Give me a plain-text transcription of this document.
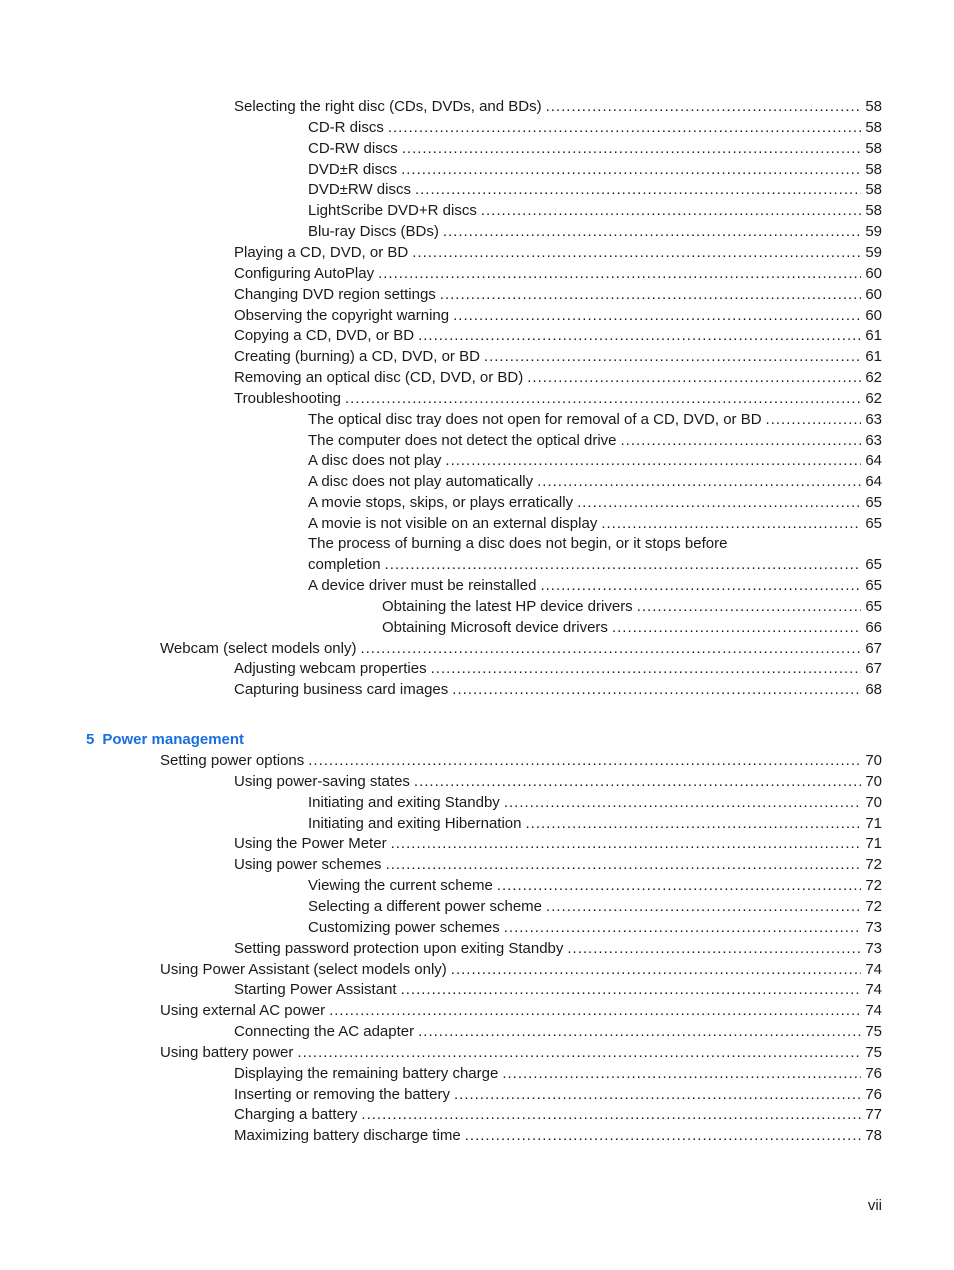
Selecting the right disc (CDs, DVDs, and BDs) .....	58
CD-R discs .....	58
CD-RW discs .....	58
DVD±R discs .....	58
DVD±RW discs .....	58
LightScribe DVD+R discs .....	58
Blu-ray Discs (BDs) .....	59
Playing a CD, DVD, or BD .....	59
Configuring AutoPlay .....	60
Changing DVD region settings .....	60
Observing the copyright warning .....	60
Copying a CD, DVD, or BD .....	61
Creating (burning) a CD, DVD, or BD .....	61
Removing an optical disc (CD, DVD, or BD) .....	62
Troubleshooting .....	62
The optical disc tray does not open for removal of a CD, DVD, or BD .....	63
The computer does not detect the optical drive .....	63
A disc does not play .....	64
A disc does not play automatically .....	64
A movie stops, skips, or plays erratically .....	65
A movie is not visible on an external display .....	65
The process of burning a disc does not begin, or it stops before
completion .....	65
A device driver must be reinstalled .....	65
Obtaining the latest HP device drivers .....	65
Obtaining Microsoft device drivers .....	66
Webcam (select models only) .....	67
Adjusting webcam properties .....	67
Capturing business card images .....	68
5 Power management
Setting power options .....	70
Using power-saving states .....	70
Initiating and exiting Standby .....	70
Initiating and exiting Hibernation .....	71
Using the Power Meter .....	71
Using power schemes .....	72
Viewing the current scheme .....	72
Selecting a different power scheme .....	72
Customizing power schemes .....	73
Setting password protection upon exiting Standby .....	73
Using Power Assistant (select models only) .....	74
Starting Power Assistant .....	74
Using external AC power .....	74
Connecting the AC adapter .....	75
Using battery power .....	75
Displaying the remaining battery charge .....	76
Inserting or removing the battery .....	76
Charging a battery .....	77
Maximizing battery discharge time .....	78
vii
